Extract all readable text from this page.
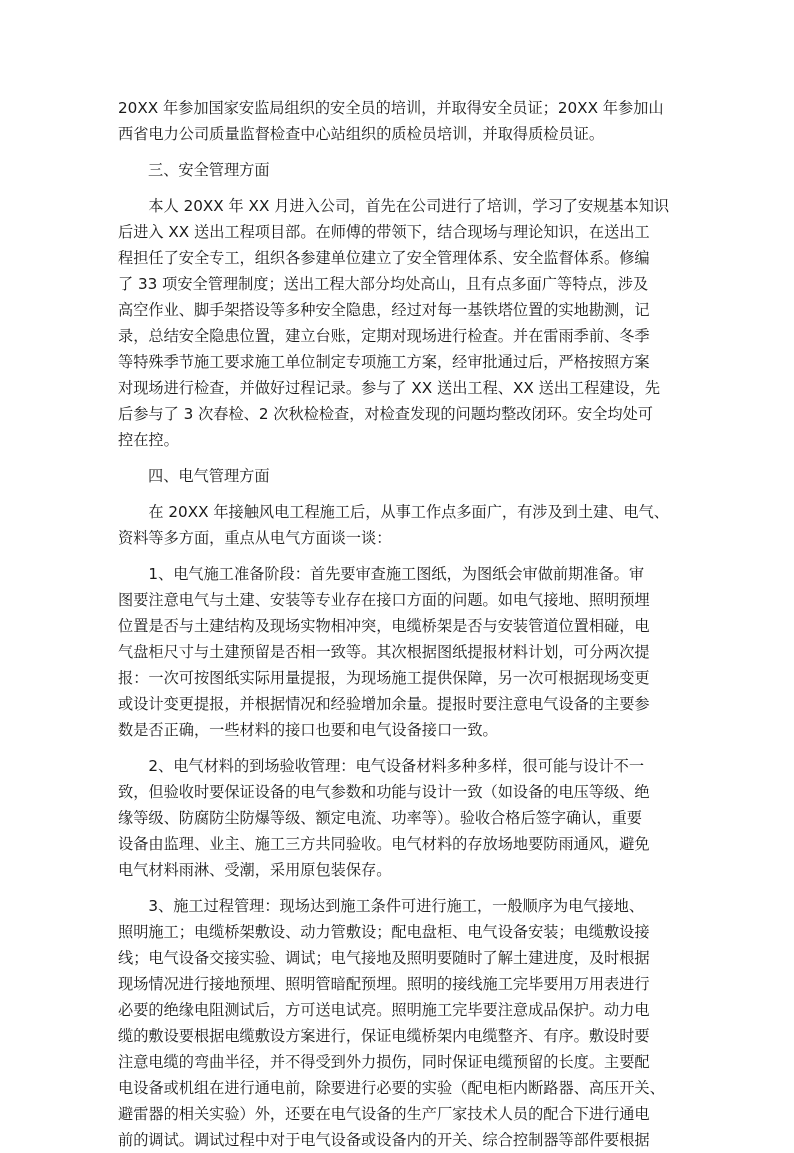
20XX 年参加国家安监局组织的安全员的培训，并取得安全员证；20XX 年参加山
西省电力公司质量监督检查中心站组织的质检员培训，并取得质检员证。

三、安全管理方面

　　本人 20XX 年 XX 月进入公司，首先在公司进行了培训，学习了安规基本知识
后进入 XX 送出工程项目部。在师傅的带领下，结合现场与理论知识，在送出工
程担任了安全专工，组织各参建单位建立了安全管理体系、安全监督体系。修编
了 33 项安全管理制度；送出工程大部分均处高山，且有点多面广等特点，涉及
高空作业、脚手架搭设等多种安全隐患，经过对每一基铁塔位置的实地勘测，记
录，总结安全隐患位置，建立台账，定期对现场进行检查。并在雷雨季前、冬季
等特殊季节施工要求施工单位制定专项施工方案，经审批通过后，严格按照方案
对现场进行检查，并做好过程记录。参与了 XX 送出工程、XX 送出工程建设，先
后参与了 3 次春检、2 次秋检检查，对检查发现的问题均整改闭环。安全均处可
控在控。

四、电气管理方面

　　在 20XX 年接触风电工程施工后，从事工作点多面广，有涉及到土建、电气、
资料等多方面，重点从电气方面谈一谈：

　　1、电气施工准备阶段：首先要审查施工图纸，为图纸会审做前期准备。审
图要注意电气与土建、安装等专业存在接口方面的问题。如电气接地、照明预埋
位置是否与土建结构及现场实物相冲突，电缆桥架是否与安装管道位置相碰，电
气盘柜尺寸与土建预留是否相一致等。其次根据图纸提报材料计划，可分两次提
报：一次可按图纸实际用量提报，为现场施工提供保障，另一次可根据现场变更
或设计变更提报，并根据情况和经验增加余量。提报时要注意电气设备的主要参
数是否正确，一些材料的接口也要和电气设备接口一致。

　　2、电气材料的到场验收管理：电气设备材料多种多样，很可能与设计不一
致，但验收时要保证设备的电气参数和功能与设计一致（如设备的电压等级、绝
缘等级、防腐防尘防爆等级、额定电流、功率等）。验收合格后签字确认，重要
设备由监理、业主、施工三方共同验收。电气材料的存放场地要防雨通风，避免
电气材料雨淋、受潮，采用原包装保存。

　　3、施工过程管理：现场达到施工条件可进行施工，一般顺序为电气接地、
照明施工；电缆桥架敷设、动力管敷设；配电盘柜、电气设备安装；电缆敷设接
线；电气设备交接实验、调试；电气接地及照明要随时了解土建进度，及时根据
现场情况进行接地预埋、照明管暗配预埋。照明的接线施工完毕要用万用表进行
必要的绝缘电阻测试后，方可送电试亮。照明施工完毕要注意成品保护。动力电
缆的敷设要根据电缆敷设方案进行，保证电缆桥架内电缆整齐、有序。敷设时要
注意电缆的弯曲半径，并不得受到外力损伤，同时保证电缆预留的长度。主要配
电设备或机组在进行通电前，除要进行必要的实验（配电柜内断路器、高压开关、
避雷器的相关实验）外，还要在电气设备的生产厂家技术人员的配合下进行通电
前的调试。调试过程中对于电气设备或设备内的开关、综合控制器等部件要根据
